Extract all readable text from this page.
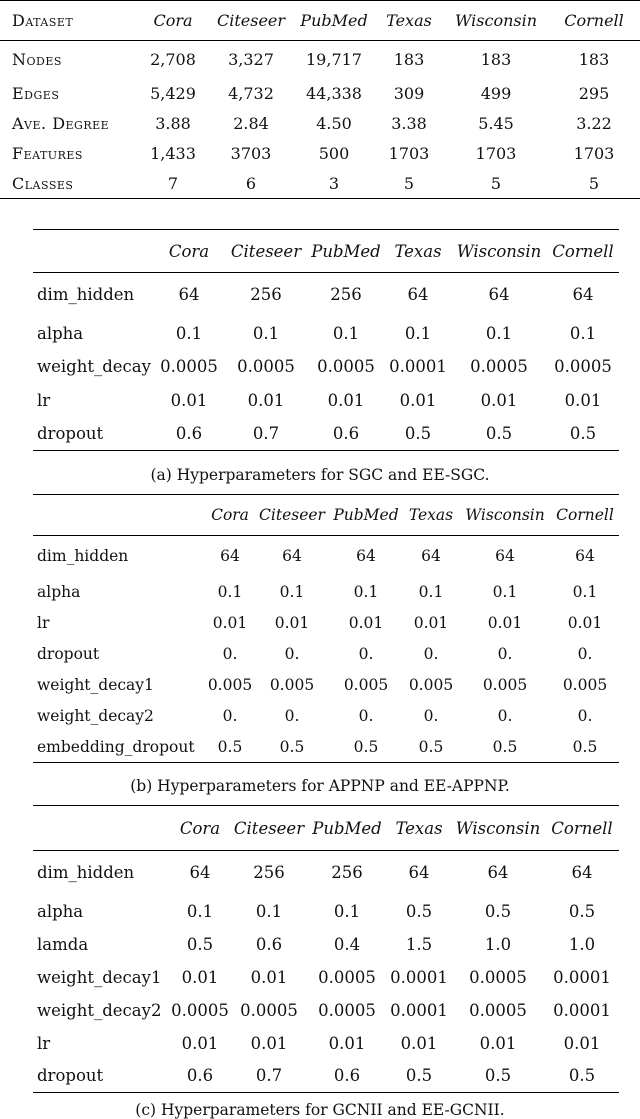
Dataset	Cora	Citeseer	PubMed	Texas	Wisconsin	Cornell
Nodes	2,708	3,327	19,717	183	183	183
Edges	5,429	4,732	44,338	309	499	295
Ave. Degree	3.88	2.84	4.50	3.38	5.45	3.22
Features	1,433	3703	500	1703	1703	1703
Classes	7	6	3	5	5	5
	Cora	Citeseer	PubMed	Texas	Wisconsin	Cornell
dim_hidden	64	256	256	64	64	64
alpha	0.1	0.1	0.1	0.1	0.1	0.1
weight_decay	0.0005	0.0005	0.0005	0.0001	0.0005	0.0005
lr	0.01	0.01	0.01	0.01	0.01	0.01
dropout	0.6	0.7	0.6	0.5	0.5	0.5
(a) Hyperparameters for SGC and EE-SGC.
	Cora	Citeseer	PubMed	Texas	Wisconsin	Cornell
dim_hidden	64	64	64	64	64	64
alpha	0.1	0.1	0.1	0.1	0.1	0.1
lr	0.01	0.01	0.01	0.01	0.01	0.01
dropout	0.	0.	0.	0.	0.	0.
weight_decay1	0.005	0.005	0.005	0.005	0.005	0.005
weight_decay2	0.	0.	0.	0.	0.	0.
embedding_dropout	0.5	0.5	0.5	0.5	0.5	0.5
(b) Hyperparameters for APPNP and EE-APPNP.
	Cora	Citeseer	PubMed	Texas	Wisconsin	Cornell
dim_hidden	64	256	256	64	64	64
alpha	0.1	0.1	0.1	0.5	0.5	0.5
lamda	0.5	0.6	0.4	1.5	1.0	1.0
weight_decay1	0.01	0.01	0.0005	0.0001	0.0005	0.0001
weight_decay2	0.0005	0.0005	0.0005	0.0001	0.0005	0.0001
lr	0.01	0.01	0.01	0.01	0.01	0.01
dropout	0.6	0.7	0.6	0.5	0.5	0.5
(c) Hyperparameters for GCNII and EE-GCNII.
